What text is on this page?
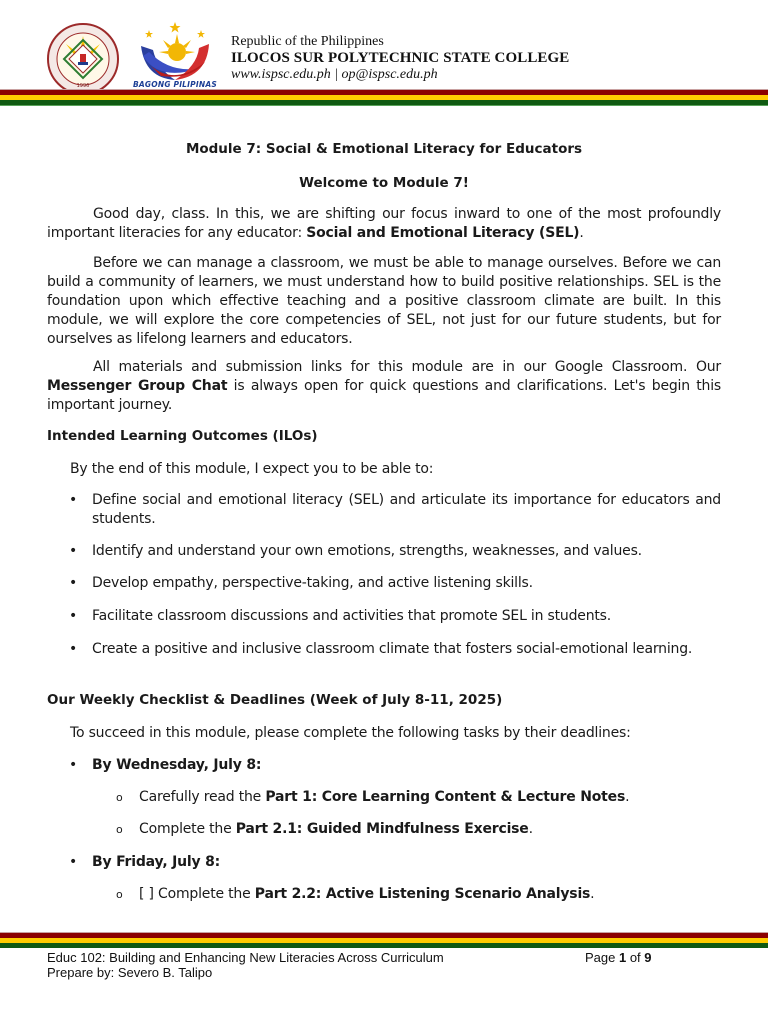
1996	BAGONG PILIPINAS
Republic of the Philippines
ILOCOS SUR POLYTECHNIC STATE COLLEGE
www.ispsc.edu.ph | op@ispsc.edu.ph

Module 7: Social & Emotional Literacy for Educators

Welcome to Module 7!

Good day, class. In this, we are shifting our focus inward to one of the most profoundly important literacies for any educator: Social and Emotional Literacy (SEL).

Before we can manage a classroom, we must be able to manage ourselves. Before we can build a community of learners, we must understand how to build positive relationships. SEL is the foundation upon which effective teaching and a positive classroom climate are built. In this module, we will explore the core competencies of SEL, not just for our future students, but for ourselves as lifelong learners and educators.

All materials and submission links for this module are in our Google Classroom. Our Messenger Group Chat is always open for quick questions and clarifications. Let's begin this important journey.

Intended Learning Outcomes (ILOs)

By the end of this module, I expect you to be able to:

• Define social and emotional literacy (SEL) and articulate its importance for educators and students.
• Identify and understand your own emotions, strengths, weaknesses, and values.
• Develop empathy, perspective-taking, and active listening skills.
• Facilitate classroom discussions and activities that promote SEL in students.
• Create a positive and inclusive classroom climate that fosters social-emotional learning.

Our Weekly Checklist & Deadlines (Week of July 8-11, 2025)

To succeed in this module, please complete the following tasks by their deadlines:

• By Wednesday, July 8:
o Carefully read the Part 1: Core Learning Content & Lecture Notes.
o Complete the Part 2.1: Guided Mindfulness Exercise.
• By Friday, July 8:
o [ ] Complete the Part 2.2: Active Listening Scenario Analysis.
Educ 102: Building and Enhancing New Literacies Across Curriculum
Prepare by: Severo B. Talipo
Page 1 of 9
